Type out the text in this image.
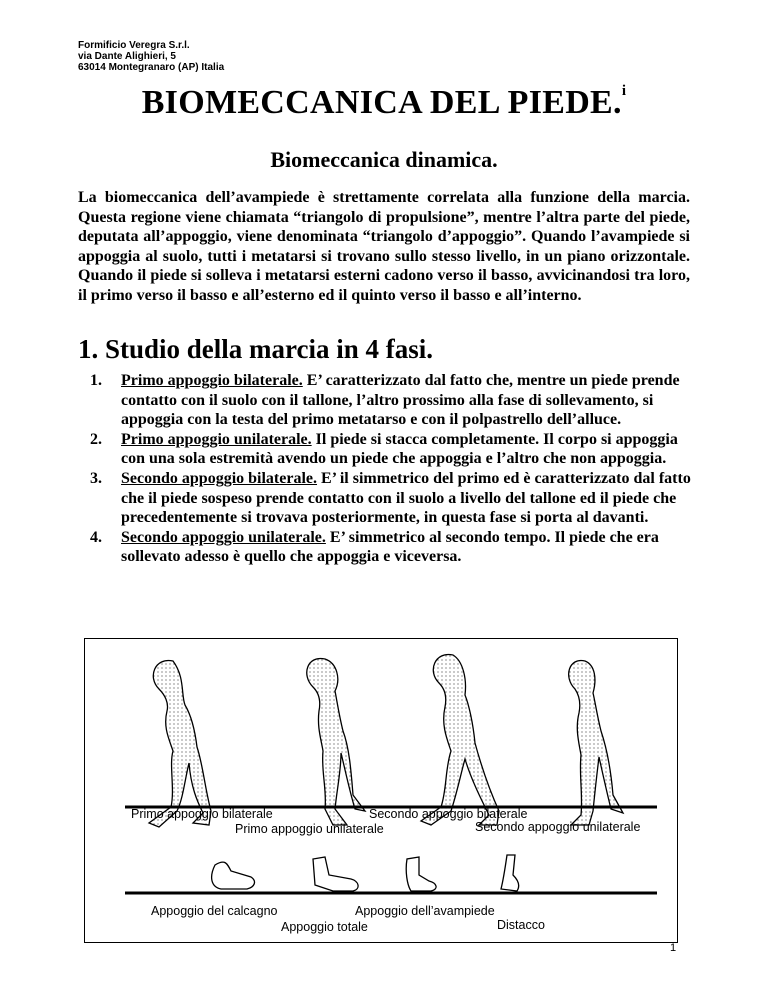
Formificio Veregra S.r.l.
via Dante Alighieri, 5
63014 Montegranaro (AP) Italia
BIOMECCANICA DEL PIEDE.$^i$
Biomeccanica dinamica.

La biomeccanica dell’avampiede è strettamente correlata alla funzione della marcia. Questa regione viene chiamata “triangolo di propulsione”, mentre l’altra parte del piede, deputata all’appoggio, viene denominata “triangolo d’appoggio”. Quando l’avampiede si appoggia al suolo, tutti i metatarsi si trovano sullo stesso livello, in un piano orizzontale. Quando il piede si solleva i metatarsi esterni cadono verso il basso, avvicinandosi tra loro, il primo verso il basso e all’esterno ed il quinto verso il basso e all’interno.

1. Studio della marcia in 4 fasi.
1. Primo appoggio bilaterale. E’ caratterizzato dal fatto che, mentre un piede prende contatto con il suolo con il tallone, l’altro prossimo alla fase di sollevamento, si appoggia con la testa del primo metatarso e con il polpastrello dell’alluce.
2. Primo appoggio unilaterale. Il piede si stacca completamente. Il corpo si appoggia con una sola estremità avendo un piede che appoggia e l’altro che non appoggia.
3. Secondo appoggio bilaterale. E’ il simmetrico del primo ed è caratterizzato dal fatto che il piede sospeso prende contatto con il suolo a livello del tallone ed il piede che precedentemente si trovava posteriormente, in questa fase si porta al davanti.
4. Secondo appoggio unilaterale. E’ simmetrico al secondo tempo. Il piede che era sollevato adesso è quello che appoggia e viceversa.
Primo appoggio bilaterale	Secondo appoggio bilaterale
Primo appoggio unilaterale	Secondo appoggio unilaterale
Appoggio del calcagno	Appoggio dell’avampiede
Appoggio totale	Distacco
1
